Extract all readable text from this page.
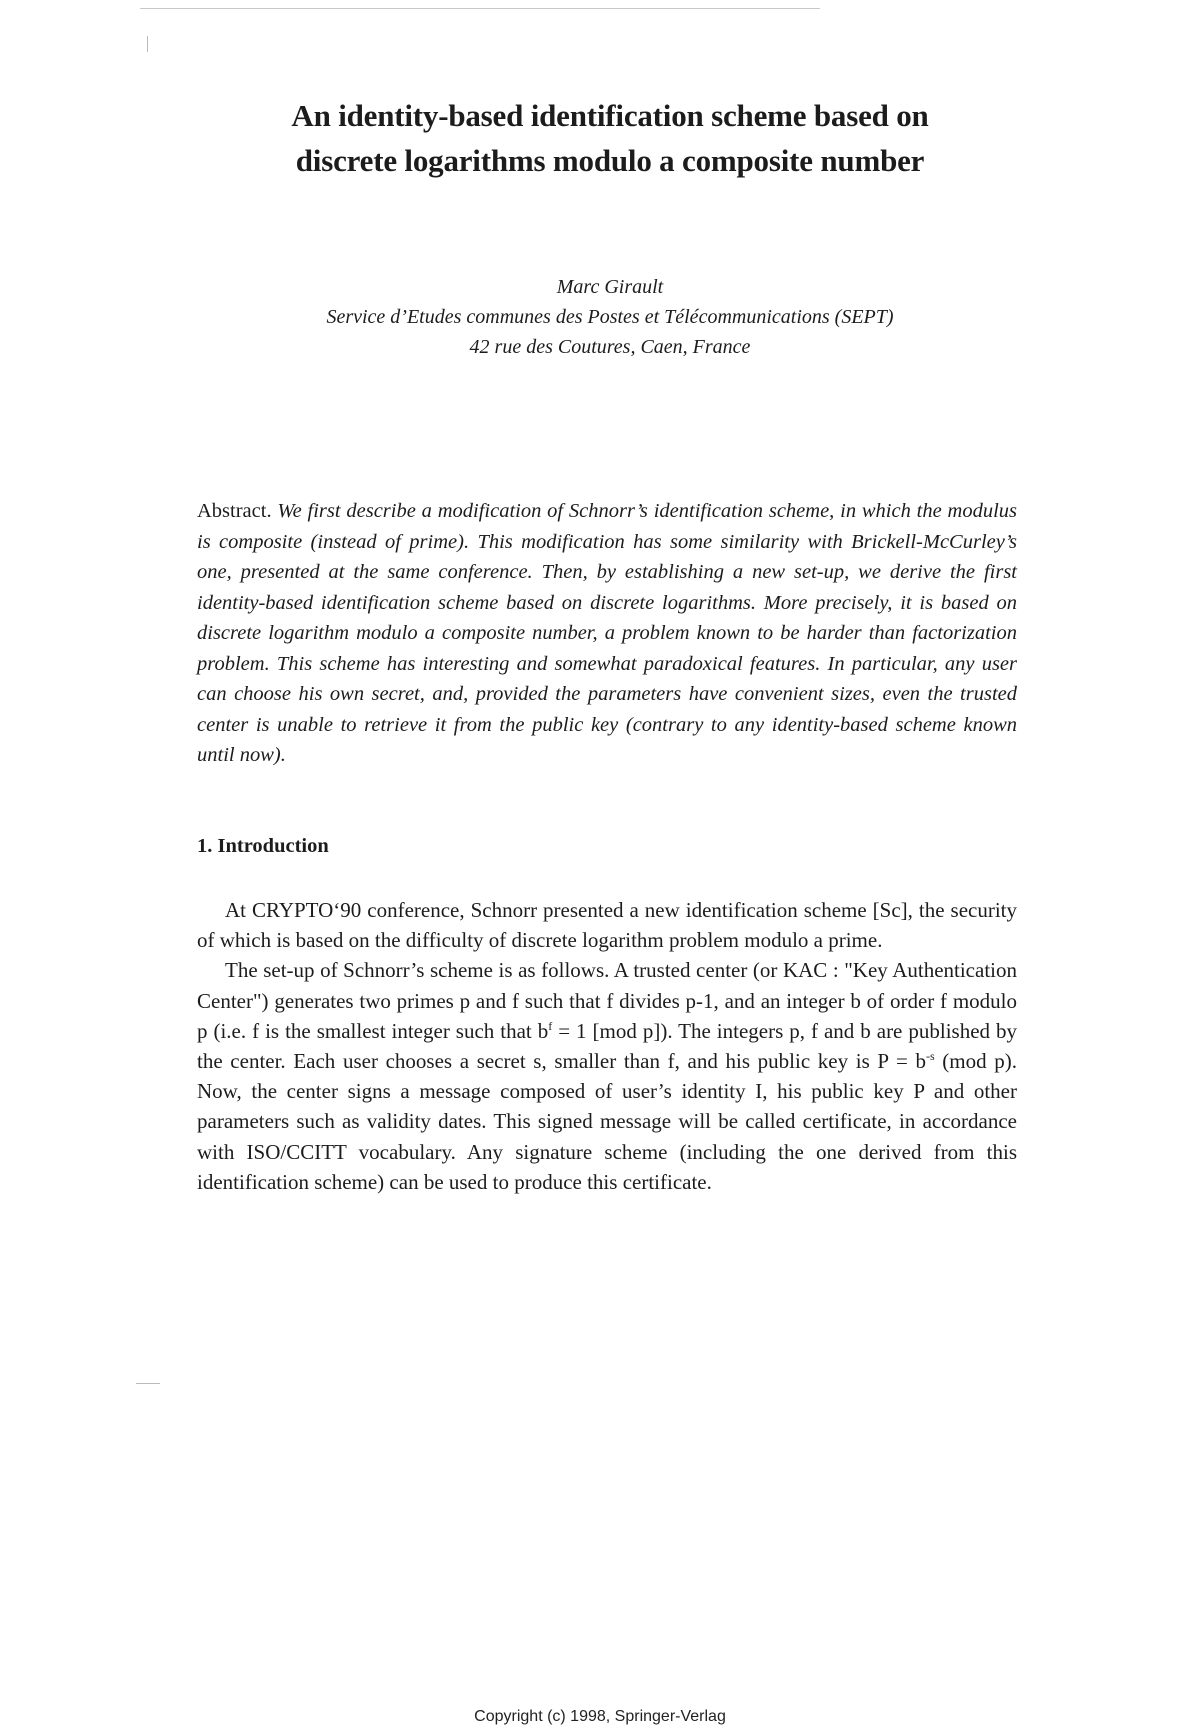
An identity-based identification scheme based on
discrete logarithms modulo a composite number
Marc Girault
Service d’Etudes communes des Postes et Télécommunications (SEPT)
42 rue des Coutures, Caen, France
Abstract. We first describe a modification of Schnorr’s identification scheme, in which the modulus is composite (instead of prime). This modification has some similarity with Brickell-McCurley’s one, presented at the same conference. Then, by establishing a new set-up, we derive the first identity-based identification scheme based on discrete logarithms. More precisely, it is based on discrete logarithm modulo a composite number, a problem known to be harder than factorization problem. This scheme has interesting and somewhat paradoxical features. In particular, any user can choose his own secret, and, provided the parameters have convenient sizes, even the trusted center is unable to retrieve it from the public key (contrary to any identity-based scheme known until now).
1. Introduction

At CRYPTO‘90 conference, Schnorr presented a new identification scheme [Sc], the security of which is based on the difficulty of discrete logarithm problem modulo a prime.

The set-up of Schnorr’s scheme is as follows. A trusted center (or KAC : "Key Authentication Center") generates two primes p and f such that f divides p-1, and an integer b of order f modulo p (i.e. f is the smallest integer such that $b^f = 1$ [mod p]). The integers p, f and b are published by the center. Each user chooses a secret s, smaller than f, and his public key is $P = b^{-s}$ (mod p). Now, the center signs a message composed of user’s identity I, his public key P and other parameters such as validity dates. This signed message will be called certificate, in accordance with ISO/CCITT vocabulary. Any signature scheme (including the one derived from this identification scheme) can be used to produce this certificate.

Copyright (c) 1998, Springer-Verlag
